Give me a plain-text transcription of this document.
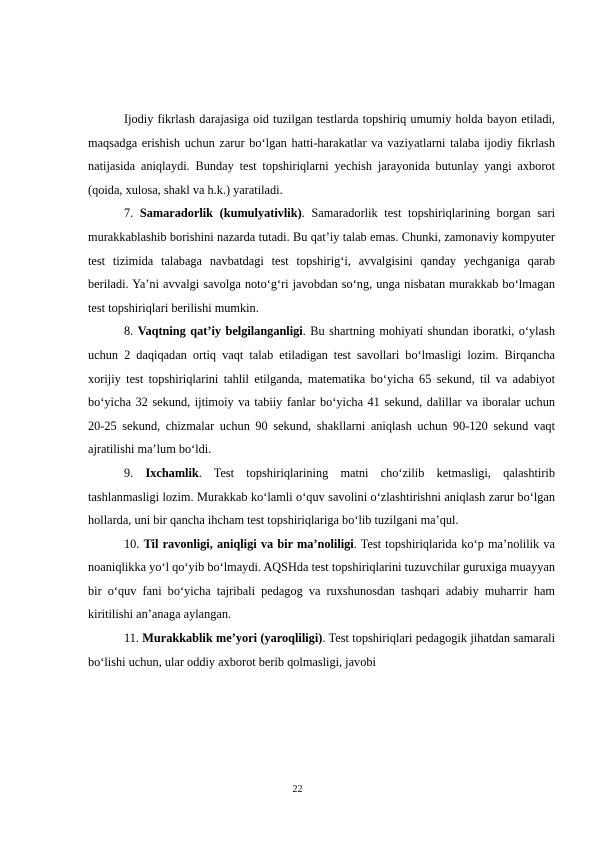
Ijodiy fikrlash darajasiga oid tuzilgan testlarda topshiriq umumiy holda bayon etiladi, maqsadga erishish uchun zarur bo‘lgan hatti-harakatlar va vaziyatlarni talaba ijodiy fikrlash natijasida aniqlaydi. Bunday test topshiriqlarni yechish jarayonida butunlay yangi axborot (qoida, xulosa, shakl va h.k.) yaratiladi.

7. Samaradorlik (kumulyativlik). Samaradorlik test topshiriqlarining borgan sari murakkablashib borishini nazarda tutadi. Bu qat’iy talab emas. Chunki, zamonaviy kompyuter test tizimida talabaga navbatdagi test topshirig‘i, avvalgisini qanday yechganiga qarab beriladi. Ya’ni avvalgi savolga noto‘g‘ri javobdan so‘ng, unga nisbatan murakkab bo‘lmagan test topshiriqlari berilishi mumkin.

8. Vaqtning qat’iy belgilanganligi. Bu shartning mohiyati shundan iboratki, o‘ylash uchun 2 daqiqadan ortiq vaqt talab etiladigan test savollari bo‘lmasligi lozim. Birqancha xorijiy test topshiriqlarini tahlil etilganda, matematika bo‘yicha 65 sekund, til va adabiyot bo‘yicha 32 sekund, ijtimoiy va tabiiy fanlar bo‘yicha 41 sekund, dalillar va iboralar uchun 20-25 sekund, chizmalar uchun 90 sekund, shakllarni aniqlash uchun 90-120 sekund vaqt ajratilishi ma’lum bo‘ldi.

9. Ixchamlik. Test topshiriqlarining matni cho‘zilib ketmasligi, qalashtirib tashlanmasligi lozim. Murakkab ko‘lamli o‘quv savolini o‘zlashtirishni aniqlash zarur bo‘lgan hollarda, uni bir qancha ihcham test topshiriqlariga bo‘lib tuzilgani ma’qul.

10. Til ravonligi, aniqligi va bir ma’noliligi. Test topshiriqlarida ko‘p ma’nolilik va noaniqlikka yo‘l qo‘yib bo‘lmaydi. AQSHda test topshiriqlarini tuzuvchilar guruxiga muayyan bir o‘quv fani bo‘yicha tajribali pedagog va ruxshunosdan tashqari adabiy muharrir ham kiritilishi an’anaga aylangan.

11. Murakkablik me’yori (yaroqliligi). Test topshiriqlari pedagogik jihatdan samarali bo‘lishi uchun, ular oddiy axborot berib qolmasligi, javobi

22
